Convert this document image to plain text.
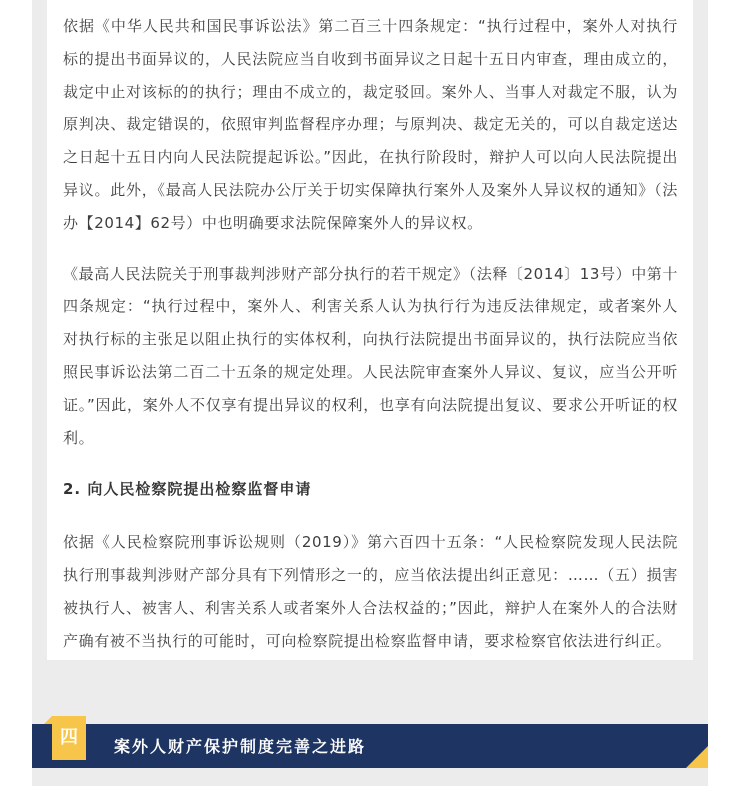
依据《中华人民共和国民事诉讼法》第二百三十四条规定：“执行过程中，案外人对执行标的提出书面异议的，人民法院应当自收到书面异议之日起十五日内审查，理由成立的，裁定中止对该标的的执行；理由不成立的，裁定驳回。案外人、当事人对裁定不服，认为原判决、裁定错误的，依照审判监督程序办理；与原判决、裁定无关的，可以自裁定送达之日起十五日内向人民法院提起诉讼。”因此，在执行阶段时，辩护人可以向人民法院提出异议。此外，《最高人民法院办公厅关于切实保障执行案外人及案外人异议权的通知》（法办【2014】62号）中也明确要求法院保障案外人的异议权。

《最高人民法院关于刑事裁判涉财产部分执行的若干规定》（法释〔2014〕13号）中第十四条规定：“执行过程中，案外人、利害关系人认为执行行为违反法律规定，或者案外人对执行标的主张足以阻止执行的实体权利，向执行法院提出书面异议的，执行法院应当依照民事诉讼法第二百二十五条的规定处理。人民法院审查案外人异议、复议，应当公开听证。”因此，案外人不仅享有提出异议的权利，也享有向法院提出复议、要求公开听证的权利。

2. 向人民检察院提出检察监督申请

依据《人民检察院刑事诉讼规则（2019）》第六百四十五条：“人民检察院发现人民法院执行刑事裁判涉财产部分具有下列情形之一的，应当依法提出纠正意见：……（五）损害被执行人、被害人、利害关系人或者案外人合法权益的；”因此，辩护人在案外人的合法财产确有被不当执行的可能时，可向检察院提出检察监督申请，要求检察官依法进行纠正。

四	案外人财产保护制度完善之进路
